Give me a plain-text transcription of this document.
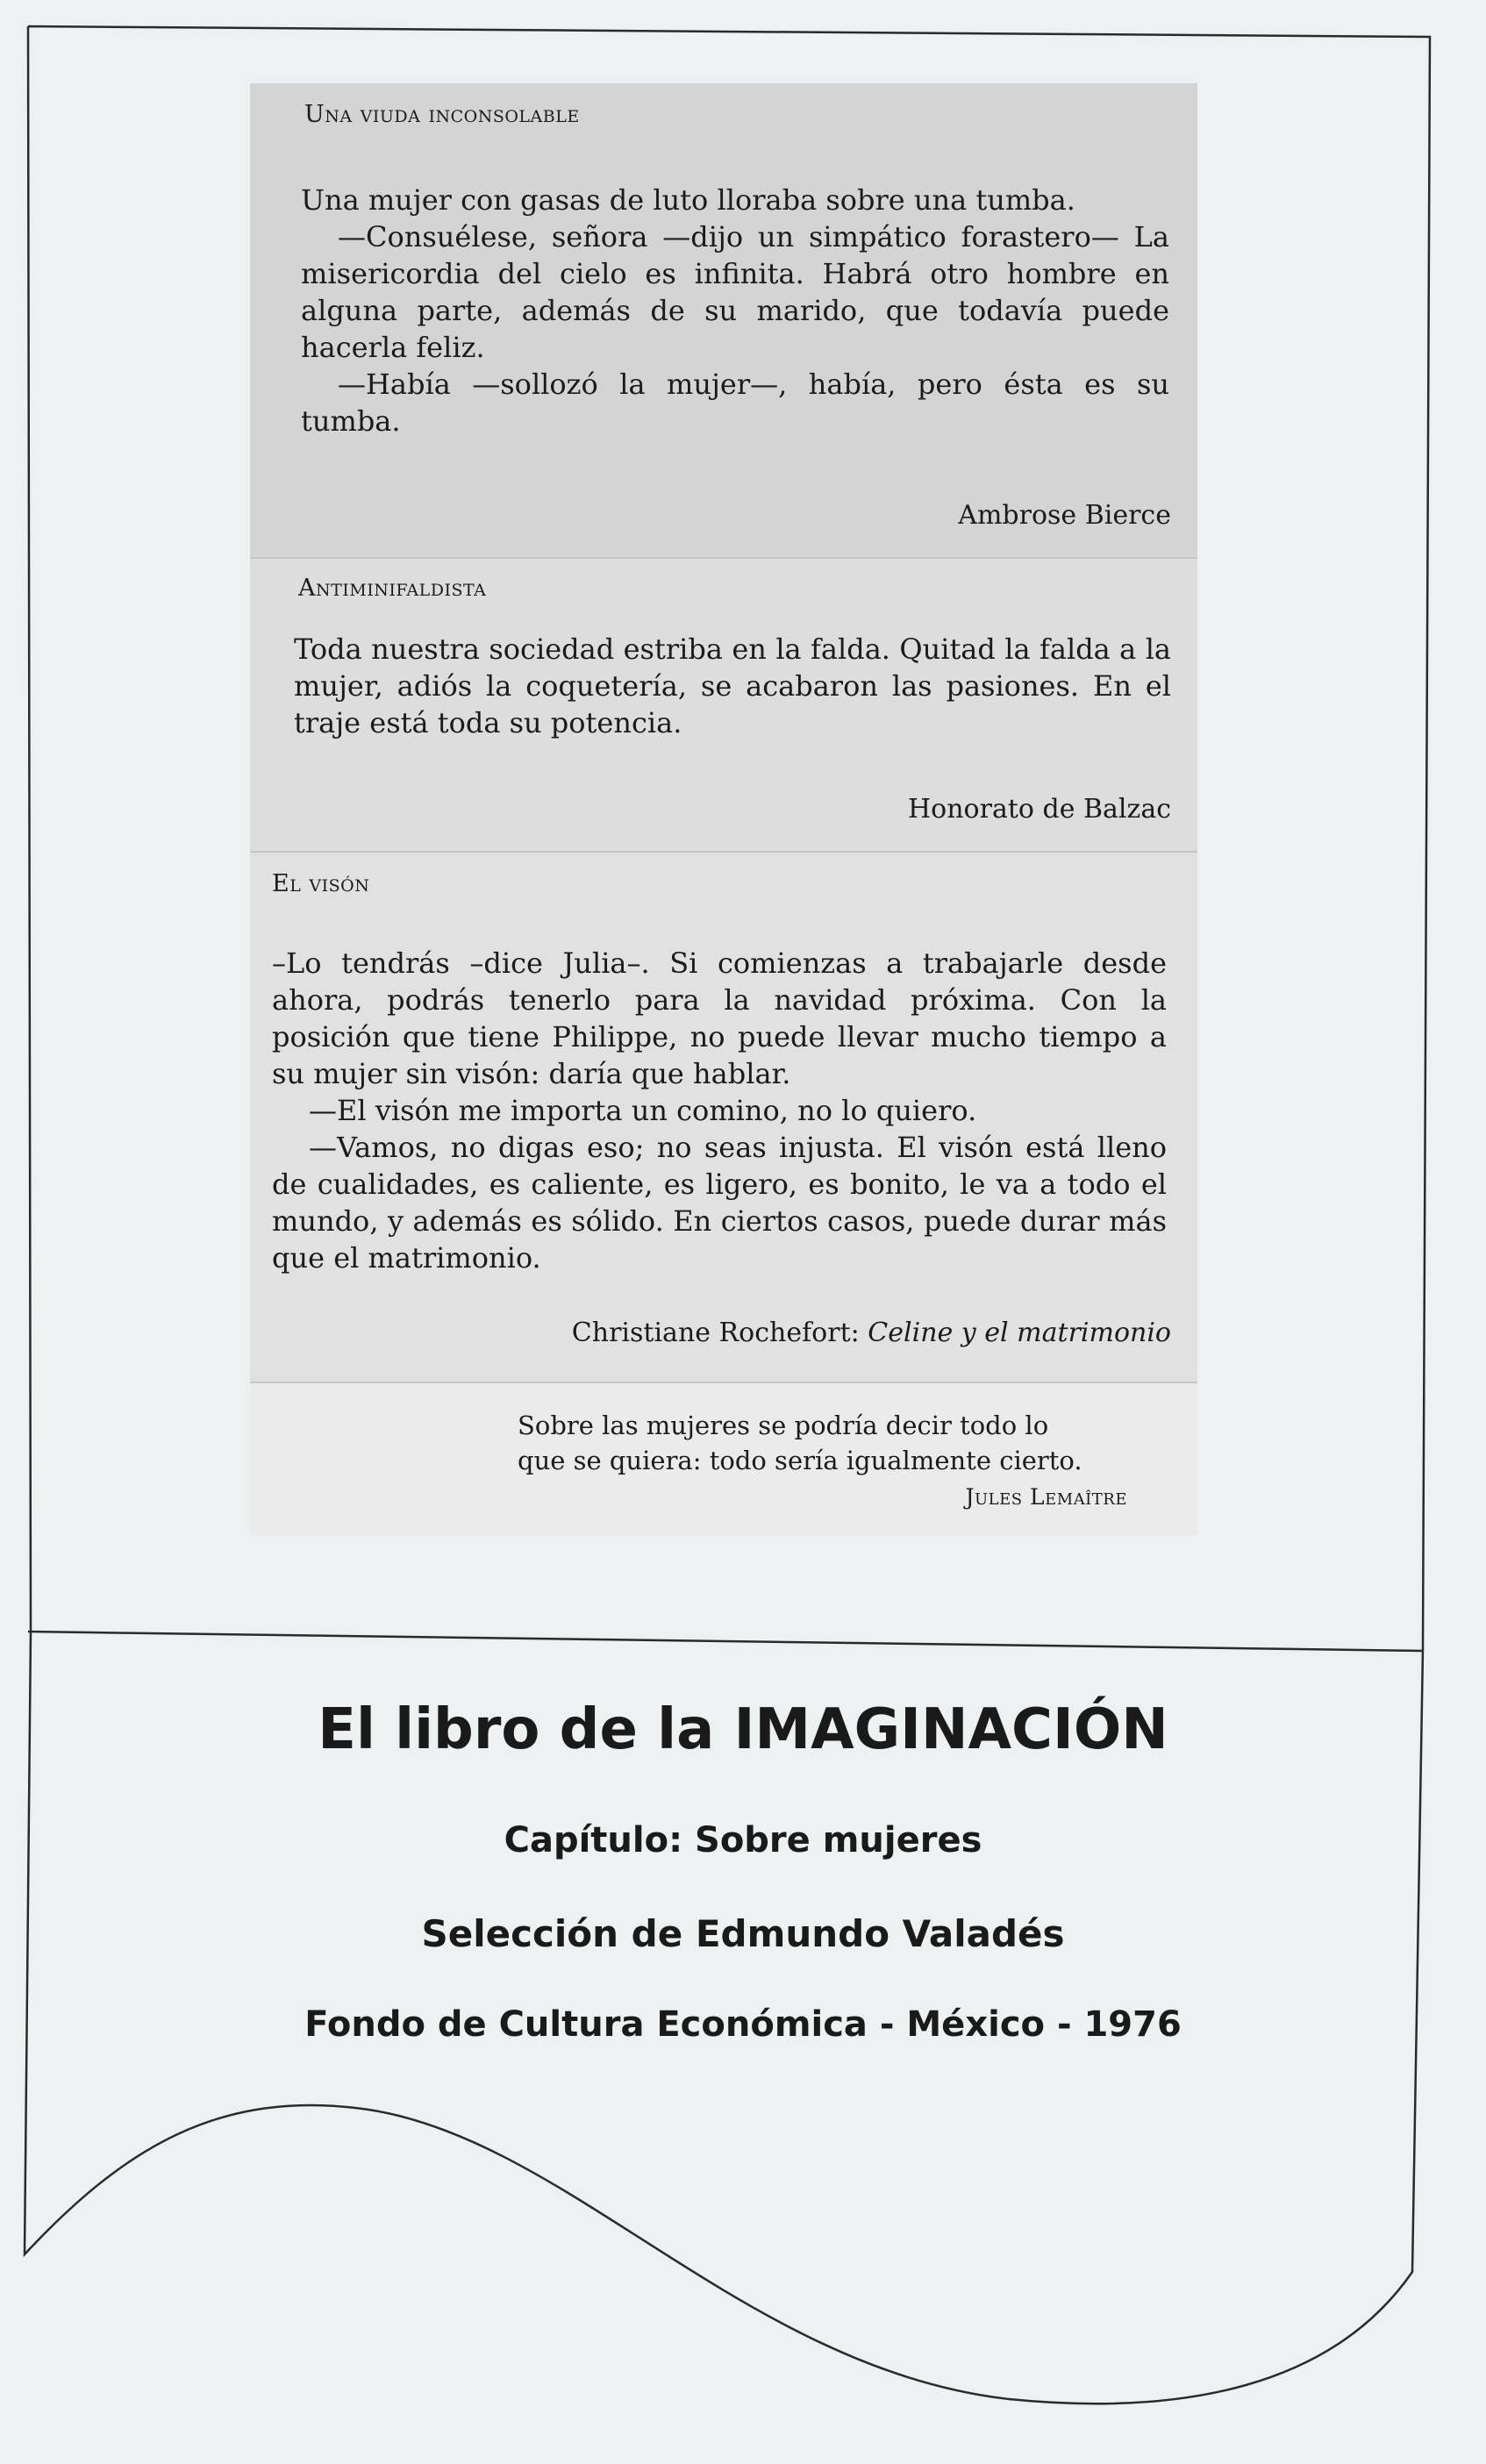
Una viuda inconsolable

Una mujer con gasas de luto lloraba sobre una tumba.

—Consuélese, señora —dijo un simpático forastero— La misericordia del cielo es infinita. Habrá otro hombre en alguna parte, además de su marido, que todavía puede hacerla feliz.

—Había —sollozó la mujer—, había, pero ésta es su tumba.

Ambrose Bierce
Antiminifaldista

Toda nuestra sociedad estriba en la falda. Quitad la falda a la mujer, adiós la coquetería, se acabaron las pasiones. En el traje está toda su potencia.

Honorato de Balzac
El visón

–Lo tendrás –dice Julia–. Si comienzas a trabajarle desde ahora, podrás tenerlo para la navidad próxima. Con la posición que tiene Philippe, no puede llevar mucho tiempo a su mujer sin visón: daría que hablar.

—El visón me importa un comino, no lo quiero.

—Vamos, no digas eso; no seas injusta. El visón está lleno de cualidades, es caliente, es ligero, es bonito, le va a todo el mundo, y además es sólido. En ciertos casos, puede durar más que el matrimonio.

Christiane Rochefort: Celine y el matrimonio
Sobre las mujeres se podría decir todo lo
que se quiera: todo sería igualmente cierto.
Jules Lemaître
El libro de la IMAGINACIÓN
Capítulo: Sobre mujeres
Selección de Edmundo Valadés
Fondo de Cultura Económica - México - 1976
